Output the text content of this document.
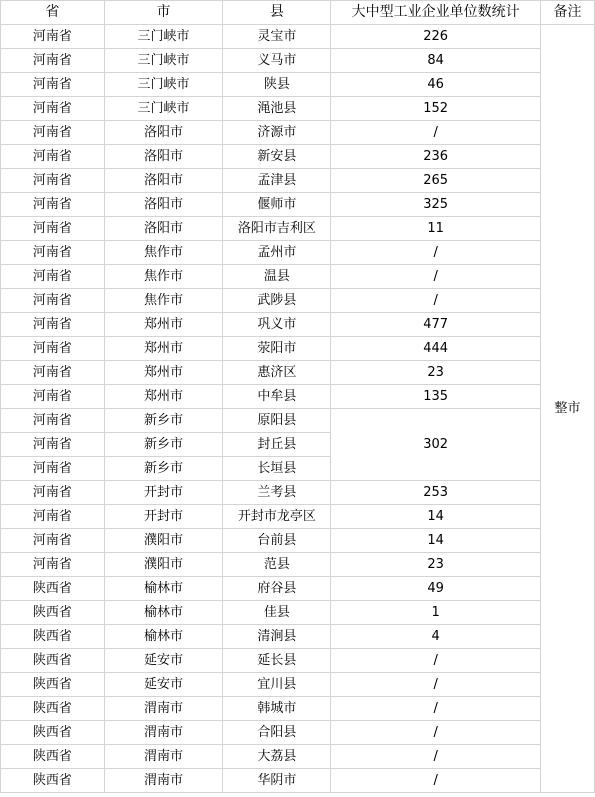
省	市	县	大中型工业企业单位数统计	备注
河南省	三门峡市	灵宝市	226	整市
河南省	三门峡市	义马市	84	
河南省	三门峡市	陕县	46	
河南省	三门峡市	渑池县	152	
河南省	洛阳市	济源市	/	
河南省	洛阳市	新安县	236	
河南省	洛阳市	孟津县	265	
河南省	洛阳市	偃师市	325	
河南省	洛阳市	洛阳市吉利区	11	
河南省	焦作市	孟州市	/	
河南省	焦作市	温县	/	
河南省	焦作市	武陟县	/	
河南省	郑州市	巩义市	477	
河南省	郑州市	荥阳市	444	
河南省	郑州市	惠济区	23	
河南省	郑州市	中牟县	135	
河南省	新乡市	原阳县	302	
河南省	新乡市	封丘县		
河南省	新乡市	长垣县		
河南省	开封市	兰考县	253	
河南省	开封市	开封市龙亭区	14	
河南省	濮阳市	台前县	14	
河南省	濮阳市	范县	23	
陕西省	榆林市	府谷县	49	
陕西省	榆林市	佳县	1	
陕西省	榆林市	清涧县	4	
陕西省	延安市	延长县	/	
陕西省	延安市	宜川县	/	
陕西省	渭南市	韩城市	/	
陕西省	渭南市	合阳县	/	
陕西省	渭南市	大荔县	/	
陕西省	渭南市	华阴市	/	
